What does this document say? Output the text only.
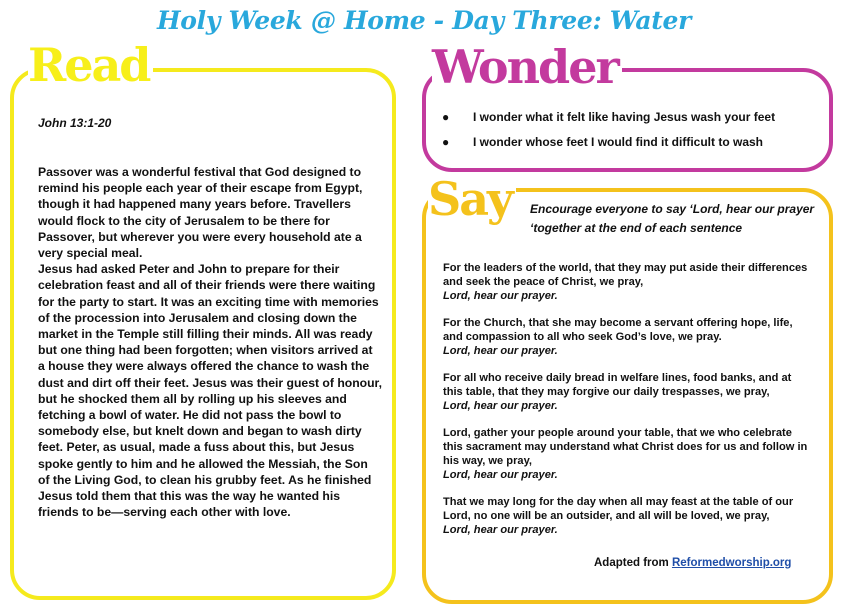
Holy Week @ Home - Day Three: Water
Read	Wonder
Say
John 13:1-20

Passover was a wonderful festival that God designed to remind his people each year of their escape from Egypt, though it had happened many years before. Travellers would flock to the city of Jerusalem to be there for Passover, but wherever you were every household ate a very special meal.

Jesus had asked Peter and John to prepare for their celebration feast and all of their friends were there waiting for the party to start. It was an exciting time with memories of the procession into Jerusalem and closing down the market in the Temple still filling their minds. All was ready but one thing had been forgotten; when visitors arrived at a house they were always offered the chance to wash the dust and dirt off their feet. Jesus was their guest of honour, but he shocked them all by rolling up his sleeves and fetching a bowl of water. He did not pass the bowl to somebody else, but knelt down and began to wash dirty feet. Peter, as usual, made a fuss about this, but Jesus spoke gently to him and he allowed the Messiah, the Son of the Living God, to clean his grubby feet. As he finished Jesus told them that this was the way he wanted his friends to be—serving each other with love.

● I wonder what it felt like having Jesus wash your feet
● I wonder whose feet I would find it difficult to wash
Encourage everyone to say ‘Lord, hear our prayer ‘together at the end of each sentence
For the leaders of the world, that they may put aside their differences and seek the peace of Christ, we pray,
Lord, hear our prayer.
For the Church, that she may become a servant offering hope, life, and compassion to all who seek God’s love, we pray.
Lord, hear our prayer.
For all who receive daily bread in welfare lines, food banks, and at this table, that they may forgive our daily trespasses, we pray,
Lord, hear our prayer.
Lord, gather your people around your table, that we who celebrate this sacrament may understand what Christ does for us and follow in his way, we pray,
Lord, hear our prayer.
That we may long for the day when all may feast at the table of our Lord, no one will be an outsider, and all will be loved, we pray,
Lord, hear our prayer.
Adapted from Reformedworship.org
